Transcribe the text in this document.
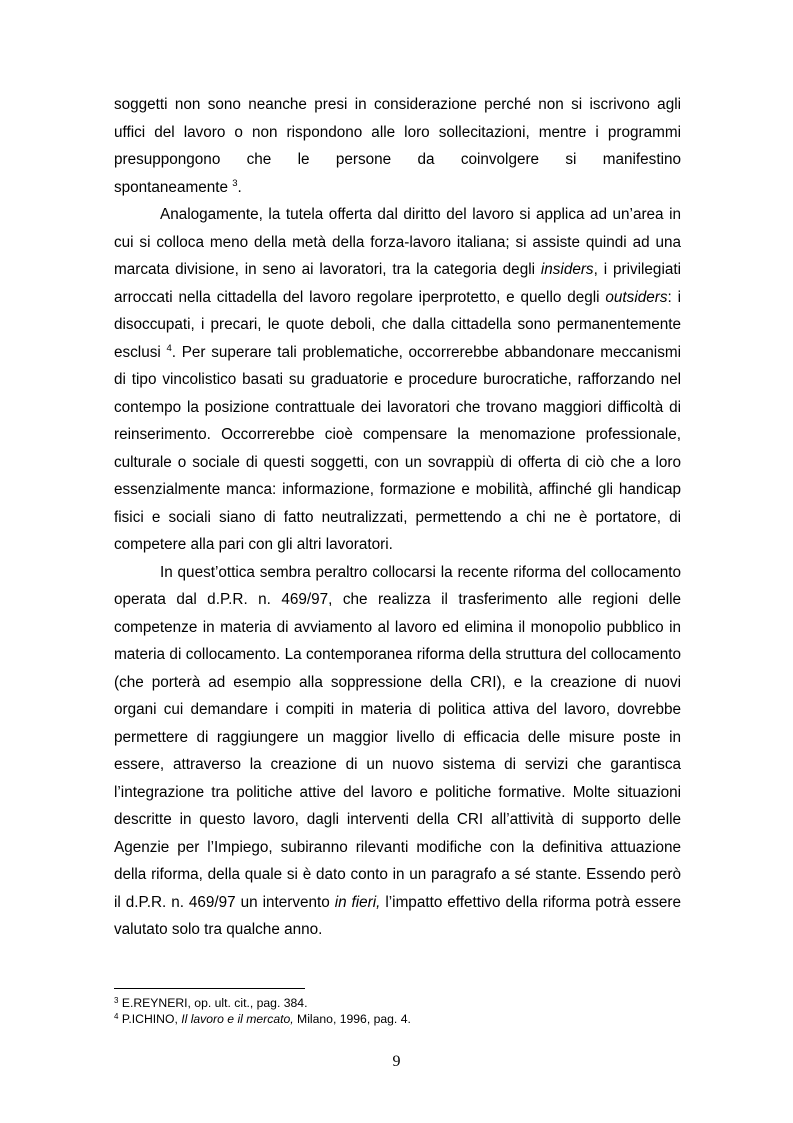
soggetti non sono neanche presi in considerazione perché non si iscrivono agli
uffici del lavoro o non rispondono alle loro sollecitazioni, mentre i programmi
presuppongono che le persone da coinvolgere si manifestino
spontaneamente $^3$.

Analogamente, la tutela offerta dal diritto del lavoro si applica ad un’area in cui si colloca meno della metà della forza-lavoro italiana; si assiste quindi ad una marcata divisione, in seno ai lavoratori, tra la categoria degli insiders, i privilegiati arroccati nella cittadella del lavoro regolare iperprotetto, e quello degli outsiders: i disoccupati, i precari, le quote deboli, che dalla cittadella sono permanentemente esclusi $^4$. Per superare tali problematiche, occorrerebbe abbandonare meccanismi di tipo vincolistico basati su graduatorie e procedure burocratiche, rafforzando nel contempo la posizione contrattuale dei lavoratori che trovano maggiori difficoltà di reinserimento. Occorrerebbe cioè compensare la menomazione professionale, culturale o sociale di questi soggetti, con un sovrappiù di offerta di ciò che a loro essenzialmente manca: informazione, formazione e mobilità, affinché gli handicap fisici e sociali siano di fatto neutralizzati, permettendo a chi ne è portatore, di competere alla pari con gli altri lavoratori.

In quest’ottica sembra peraltro collocarsi la recente riforma del collocamento operata dal d.P.R. n. 469/97, che realizza il trasferimento alle regioni delle competenze in materia di avviamento al lavoro ed elimina il monopolio pubblico in materia di collocamento. La contemporanea riforma della struttura del collocamento (che porterà ad esempio alla soppressione della CRI), e la creazione di nuovi organi cui demandare i compiti in materia di politica attiva del lavoro, dovrebbe permettere di raggiungere un maggior livello di efficacia delle misure poste in essere, attraverso la creazione di un nuovo sistema di servizi che garantisca l’integrazione tra politiche attive del lavoro e politiche formative. Molte situazioni descritte in questo lavoro, dagli interventi della CRI all’attività di supporto delle Agenzie per l’Impiego, subiranno rilevanti modifiche con la definitiva attuazione della riforma, della quale si è dato conto in un paragrafo a sé stante. Essendo però il d.P.R. n. 469/97 un intervento in fieri, l’impatto effettivo della riforma potrà essere valutato solo tra qualche anno.

$^3$ E.REYNERI, op. ult. cit., pag. 384.
$^4$ P.ICHINO, Il lavoro e il mercato, Milano, 1996, pag. 4.
9
